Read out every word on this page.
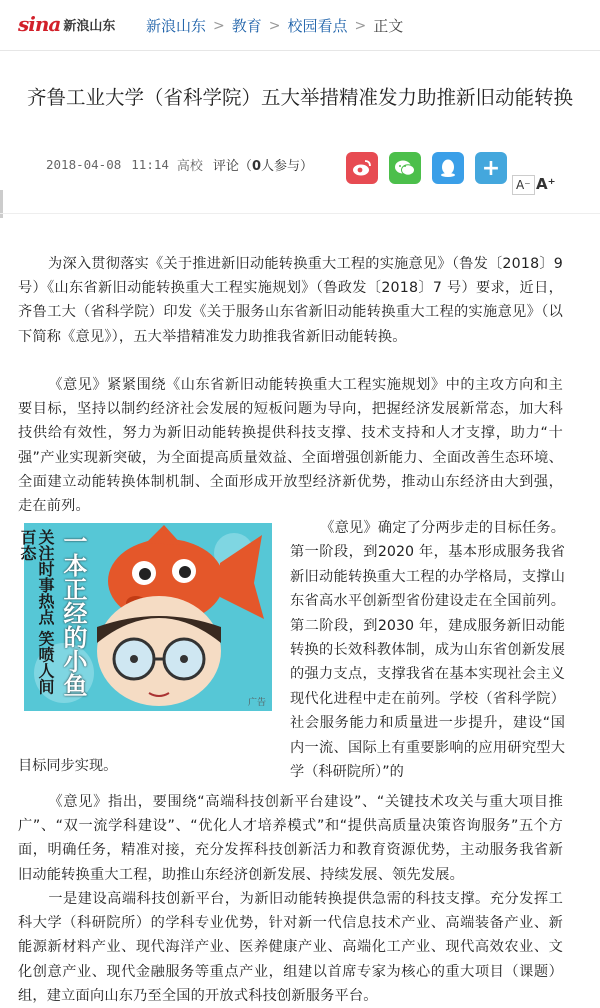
sina 新浪山东 新浪山东 > 教育 > 校园看点 > 正文
齐鲁工业大学（省科学院）五大举措精准发力助推新旧动能转换
2018-04-08 11:14 高校 评论（0人参与）	+
A⁻ A⁺

为深入贯彻落实《关于推进新旧动能转换重大工程的实施意见》（鲁发〔2018〕9 号）《山东省新旧动能转换重大工程实施规划》（鲁政发〔2018〕7 号）要求，近日，齐鲁工大（省科学院）印发《关于服务山东省新旧动能转换重大工程的实施意见》（以下简称《意见》），五大举措精准发力助推我省新旧动能转换。

《意见》紧紧围绕《山东省新旧动能转换重大工程实施规划》中的主攻方向和主要目标，坚持以制约经济社会发展的短板问题为导向，把握经济发展新常态，加大科技供给有效性，努力为新旧动能转换提供科技支撑、技术支持和人才支撑，助力“十强”产业实现新突破，为全面提高质量效益、全面增强创新能力、全面改善生态环境、全面建立动能转换体制机制、全面形成开放型经济新优势，推动山东经济由大到强，走在前列。

关注时事热点 笑喷人间百态 一本正经的小鱼
广告

《意见》确定了分两步走的目标任务。第一阶段，到2020 年，基本形成服务我省新旧动能转换重大工程的办学格局，支撑山东省高水平创新型省份建设走在全国前列。第二阶段，到2030 年，建成服务新旧动能转换的长效科教体制，成为山东省创新发展的强力支点，支撑我省在基本实现社会主义现代化进程中走在前列。学校（省科学院）社会服务能力和质量进一步提升，建设“国内一流、国际上有重要影响的应用研究型大学（科研院所）”的

目标同步实现。

《意见》指出，要围绕“高端科技创新平台建设”、“关键技术攻关与重大项目推广”、“双一流学科建设”、“优化人才培养模式”和“提供高质量决策咨询服务”五个方面，明确任务，精准对接，充分发挥科技创新活力和教育资源优势，主动服务我省新旧动能转换重大工程，助推山东经济创新发展、持续发展、领先发展。

一是建设高端科技创新平台，为新旧动能转换提供急需的科技支撑。充分发挥工科大学（科研院所）的学科专业优势，针对新一代信息技术产业、高端装备产业、新能源新材料产业、现代海洋产业、医养健康产业、高端化工产业、现代高效农业、文化创意产业、现代金融服务等重点产业，组建以首席专家为核心的重大项目（课题）组，建立面向山东乃至全国的开放式科技创新服务平台。
